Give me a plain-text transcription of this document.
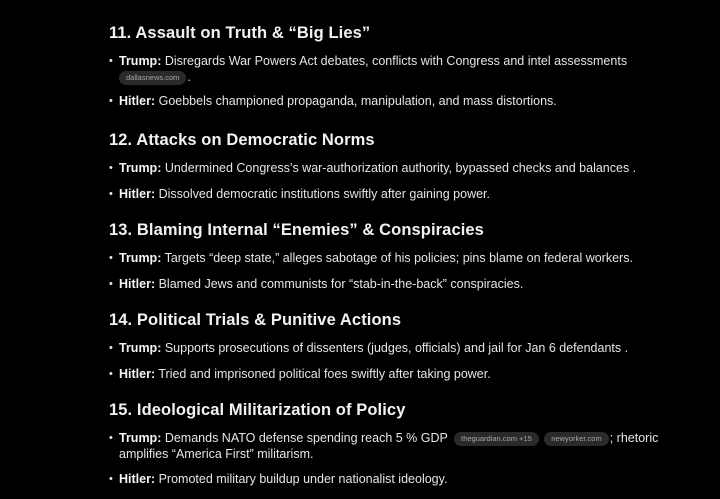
11. Assault on Truth & “Big Lies”
• Trump: Disregards War Powers Act debates, conflicts with Congress and intel assessments
dallasnews.com .
• Hitler: Goebbels championed propaganda, manipulation, and mass distortions.
12. Attacks on Democratic Norms
• Trump: Undermined Congress’s war-authorization authority, bypassed checks and balances .
• Hitler: Dissolved democratic institutions swiftly after gaining power.
13. Blaming Internal “Enemies” & Conspiracies
• Trump: Targets “deep state,” alleges sabotage of his policies; pins blame on federal workers.
• Hitler: Blamed Jews and communists for “stab-in-the-back” conspiracies.
14. Political Trials & Punitive Actions
• Trump: Supports prosecutions of dissenters (judges, officials) and jail for Jan 6 defendants .
• Hitler: Tried and imprisoned political foes swiftly after taking power.
15. Ideological Militarization of Policy
• Trump: Demands NATO defense spending reach 5 % GDP theguardian.com +15	newyorker.com ; rhetoric amplifies “America First” militarism.
• Hitler: Promoted military buildup under nationalist ideology.
